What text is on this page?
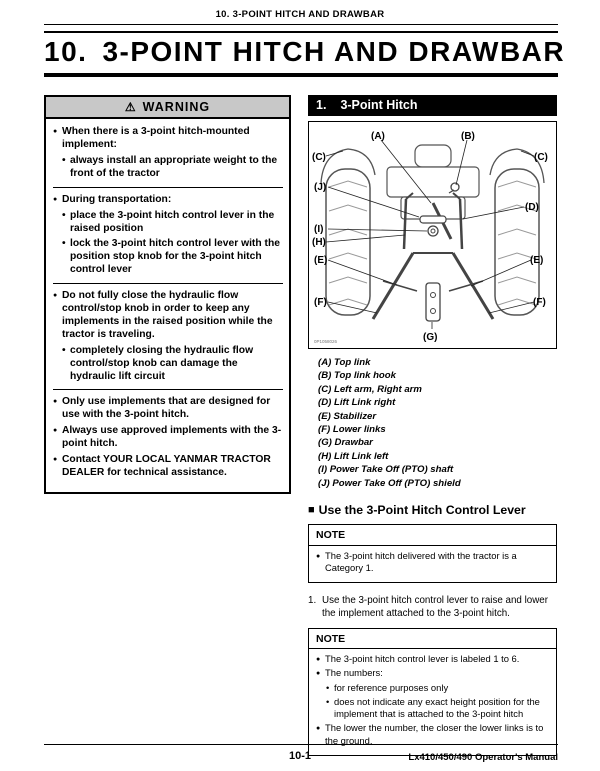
10. 3-POINT HITCH AND DRAWBAR
10. 3-POINT HITCH AND DRAWBAR
⚠ WARNING
● When there is a 3-point hitch-mounted implement:
• always install an appropriate weight to the front of the tractor
● During transportation:
• place the 3-point hitch control lever in the raised position
• lock the 3-point hitch control lever with the position stop knob for the 3-point hitch control lever
● Do not fully close the hydraulic flow control/stop knob in order to keep any implements in the raised position while the tractor is traveling.
• completely closing the hydraulic flow control/stop knob can damage the hydraulic lift circuit
● Only use implements that are designed for use with the 3-point hitch.
● Always use approved implements with the 3-point hitch.
● Contact YOUR LOCAL YANMAR TRACTOR DEALER for technical assistance.
1. 3-Point Hitch
(A)	(B)
(C)	(C)
(J)
(D)
(I)
(H)
(E)	(E)
(F)	(F)
(G)
0P1058026
(A) Top link
(B) Top link hook
(C) Left arm, Right arm
(D) Lift Link right
(E) Stabilizer
(F) Lower links
(G) Drawbar
(H) Lift Link left
(I) Power Take Off (PTO) shaft
(J) Power Take Off (PTO) shield
■ Use the 3-Point Hitch Control Lever
NOTE
● The 3-point hitch delivered with the tractor is a Category 1.
1. Use the 3-point hitch control lever to raise and lower the implement attached to the 3-point hitch.
NOTE
● The 3-point hitch control lever is labeled 1 to 6.
● The numbers:
• for reference purposes only
• does not indicate any exact height position for the implement that is attached to the 3-point hitch
● The lower the number, the closer the lower links is to the ground.
10-1	Lx410/450/490 Operator's Manual
